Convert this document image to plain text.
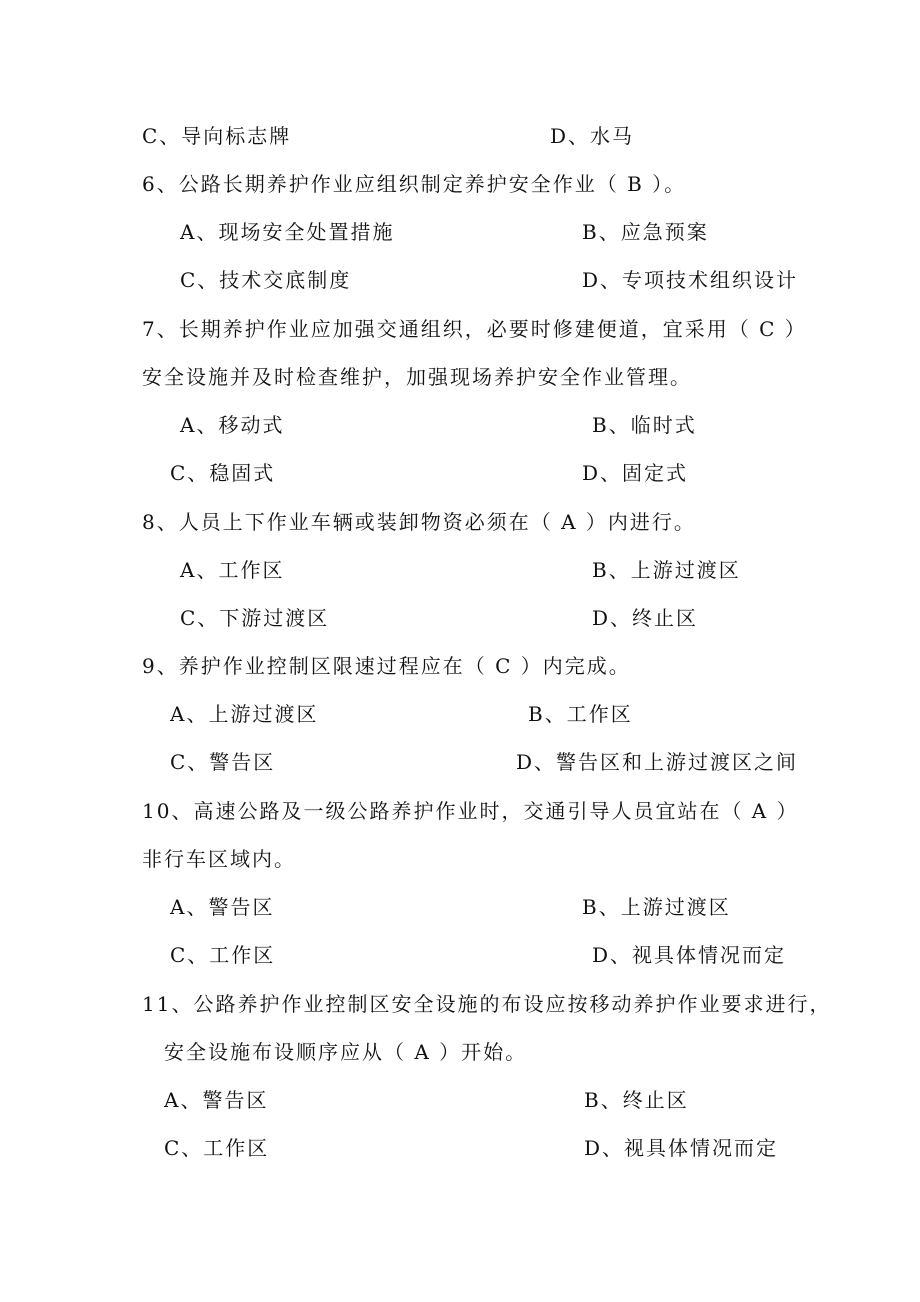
C、导向标志牌	D、水马
6、公路长期养护作业应组织制定养护安全作业（ B ）。
A、现场安全处置措施	B、应急预案
C、技术交底制度	D、专项技术组织设计
7、长期养护作业应加强交通组织，必要时修建便道，宜采用（ C ）
安全设施并及时检查维护，加强现场养护安全作业管理。
A、移动式	B、临时式
C、稳固式	D、固定式
8、人员上下作业车辆或装卸物资必须在（ A ）内进行。
A、工作区	B、上游过渡区
C、下游过渡区	D、终止区
9、养护作业控制区限速过程应在（ C ）内完成。
A、上游过渡区	B、工作区
C、警告区	D、警告区和上游过渡区之间
10、高速公路及一级公路养护作业时，交通引导人员宜站在（ A ）
非行车区域内。
A、警告区	B、上游过渡区
C、工作区	D、视具体情况而定
11、公路养护作业控制区安全设施的布设应按移动养护作业要求进行，
安全设施布设顺序应从（ A ）开始。
A、警告区	B、终止区
C、工作区	D、视具体情况而定
